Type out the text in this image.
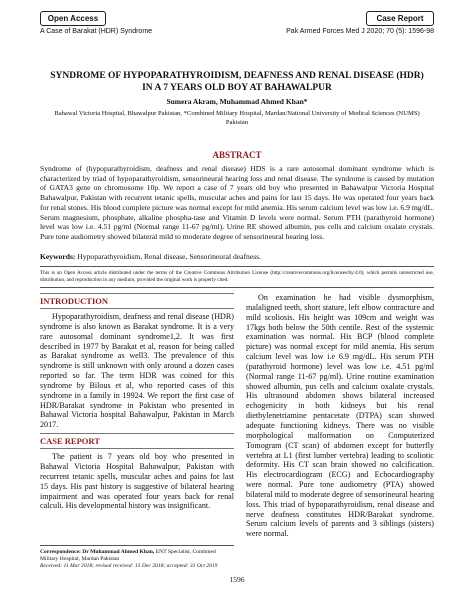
Open Access	Case Report
A Case of Barakat (HDR) Syndrome	Pak Armed Forces Med J 2020; 70 (5): 1596-98
SYNDROME OF HYPOPARATHYROIDISM, DEAFNESS AND RENAL DISEASE (HDR)
IN A 7 YEARS OLD BOY AT BAHAWALPUR
Sumera Akram, Muhammad Ahmed Khan*
Bahawal Victoria Hospital, Bhawalpur Pakistan, *Combined Military Hospital, Mardan/National University of Medical Sciences (NUMS)
Pakistan
ABSTRACT
Syndrome of (hypoparathyroidism, deafness and renal disease) HDS is a rare autosomal dominant syndrome which is characterized by triad of hypoparathyroidism, sensorineural hearing loss and renal disease. The syndrome is caused by mutation of GATA3 gene on chromosome 10p. We report a case of 7 years old boy who presented in Bahawalpur Victoria Hospital Bahawalpur, Pakistan with recurrent tetanic spells, muscular aches and pains for last 15 days. He was operated four years back for renal stones. His blood complete picture was normal except for mild anemia. His serum calcium level was low i.e. 6.9 mg/dL. Serum magnesium, phosphate, alkaline phospha-tase and Vitamin D levels were normal. Serum PTH (parathyroid hormone) level was low i.e. 4.51 pg/ml (Normal range 11-67 pg/ml). Urine RE showed albumin, pus cells and calcium oxalate crystals. Pure tone audiometry showed bilateral mild to moderate degree of sensorineural hearing loss.
Keywords: Hypoparathyroidism, Renal disease, Sensorineural deafness.
This is an Open Access article distributed under the terms of the Creative Commons Attribution License (http://creativecommons.org/licenses/by/4.0), which permits unrestricted use, distribution, and reproduction in any medium, provided the original work is properly cited.
INTRODUCTION

Hypoparathyroidism, deafness and renal disease (HDR) syndrome is also known as Barakat syndrome. It is a very rare autosomal dominant syndrome1,2. It was first described in 1977 by Barakat et al, reason for being called as Barakat syndrome as well3. The prevalence of this syndrome is still unknown with only around a dozen cases reported so far. The term HDR was coined for this syndrome by Bilous et al, who reported cases of this syndrome in a family in 19924. We report the first case of HDR/Barakat syndrome in Pakistan who presented in Bahawal Victoria hospital Bahawalpur, Pakistan in March 2017.

CASE REPORT

The patient is 7 years old boy who presented in Bahawal Victoria Hospital Bahawalpur, Pakistan with recurrent tetanic spells, muscular aches and pains for last 15 days. His past history is suggestive of bilateral hearing impairment and was operated four years back for renal calculi. His developmental history was insignificant.

On examination he had visible dysmorphism, malaligned teeth, short stature, left elbow contracture and mild scoliosis. His height was 109cm and weight was 17kgs both below the 50th centile. Rest of the systemic examination was normal. His BCP (blood complete picture) was normal except for mild anemia. His serum calcium level was low i.e 6.9 mg/dL. His serum PTH (parathyroid hormone) level was low i.e. 4.51 pg/ml (Normal range 11-67 pg/ml). Urine routine examination showed albumin, pus cells and calcium oxalate crystals. His ultrasound abdomen shows bilateral increased echogenicity in both kidneys but his renal diethylenetriamine pentacetate (DTPA) scan showed adequate functioning kidneys. There was no visible morphological malformation on Computerized Tomogram (CT scan) of abdomen except for butterfly vertebra at L1 (first lumber vertebra) leading to scoliotic deformity. His CT scan brain showed no calcification. His electrocardiogram (ECG) and Echocardiography were normal. Pure tone audiometry (PTA) showed bilateral mild to moderate degree of sensorineural hearing loss. This triad of hypoparathyroidism, renal disease and nerve deafness constitutes HDR/Barakat syndrome. Serum calcium levels of parents and 3 siblings (sisters) were normal.

Correspondence: Dr Muhammad Ahmed Khan, ENT Specialist, Combined Military Hospital, Mardan Pakistan
Received: 11 Mar 2018; revised received: 15 Dec 2018; accepted: 31 Oct 2019
1596
